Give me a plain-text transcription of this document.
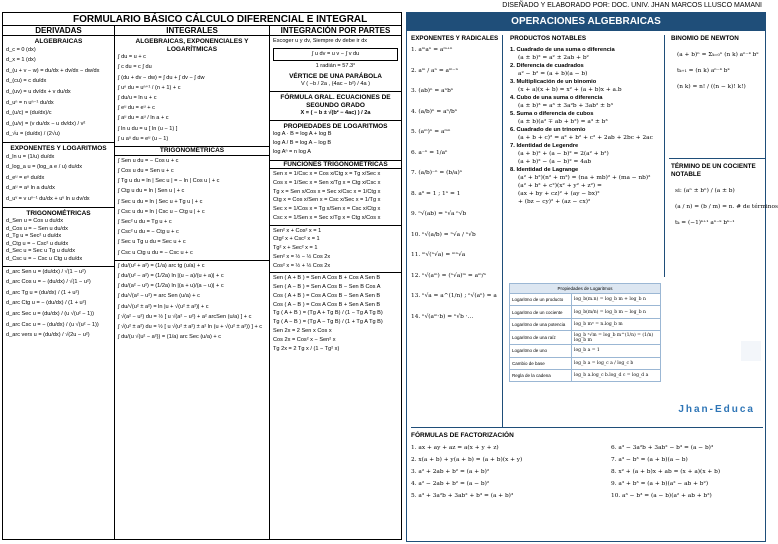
DISEÑADO Y ELABORADO POR: DOC. UNIV. JHAN MARCOS LLUSCO MAMANI
FORMULARIO BÁSICO CÁLCULO DIFERENCIAL E INTEGRAL
DERIVADAS
ALGEBRAICAS
d_c = 0 (dx)
d_x = 1 (dx)
d_(u + v − w) = du/dx + dv/dx − dw/dx
d_(cu) = c du/dx
d_(uv) = u dv/dx + v du/dx
d_uⁿ = n uⁿ⁻¹ du/dx
d_(u/c) = (du/dx)/c
d_(u/v) = (v du/dx − u dv/dx) / v²
d_√u = (du/dx) / (2√u)
EXPONENTES Y LOGARITMOS
d_ln u = (1/u) du/dx
d_log_a u = (log_a e / u) du/dx
d_eᵘ = eᵘ du/dx
d_aᵘ = aᵘ ln a du/dx
d_uᵛ = v uᵛ⁻¹ du/dx + uᵛ ln u dv/dx
TRIGONOMÉTRICAS
d_Sen u = Cos u du/dx
d_Cos u = − Sen u du/dx
d_Tg u = Sec² u du/dx
d_Ctg u = − Csc² u du/dx
d_Sec u = Sec u Tg u du/dx
d_Csc u = − Csc u Ctg u du/dx
d_arc Sen u = (du/dx) / √(1 − u²)
d_arc Cos u = − (du/dx) / √(1 − u²)
d_arc Tg u = (du/dx) / (1 + u²)
d_arc Ctg u = − (du/dx) / (1 + u²)
d_arc Sec u = (du/dx) / (u √(u² − 1))
d_arc Csc u = − (du/dx) / (u √(u² − 1))
d_arc vers u = (du/dx) / √(2u − u²)
INTEGRALES
ALGEBRAICAS, EXPONENCIALES Y LOGARÍTMICAS
∫ du = u + c
∫ c du = c ∫ du
∫ (du + dv − dw) = ∫ du + ∫ dv − ∫ dw
∫ uⁿ du = uⁿ⁺¹ / (n + 1) + c
∫ du/u = ln u + c
∫ eᵘ du = eᵘ + c
∫ aᵘ du = aᵘ / ln a + c
∫ ln u du = u [ ln (u − 1) ]
∫ u aᵘ du = eᵘ (u − 1)
TRIGONOMÉTRICAS
∫ Sen u du = − Cos u + c
∫ Cos u du = Sen u + c
∫ Tg u du = ln | Sec u | = − ln | Cos u | + c
∫ Ctg u du = ln | Sen u | + c
∫ Sec u du = ln | Sec u + Tg u | + c
∫ Csc u du = ln | Csc u − Ctg u | + c
∫ Sec² u du = Tg u + c
∫ Csc² u du = − Ctg u + c
∫ Sec u Tg u du = Sec u + c
∫ Csc u Ctg u du = − Csc u + c
∫ du/(u² + a²) = (1/a) arc tg (u/a) + c
∫ du/(u² − a²) = (1/2a) ln |(u − a)/(u + a)| + c
∫ du/(a² − u²) = (1/2a) ln |(a + u)/(a − u)| + c
∫ du/√(a² − u²) = arc Sen (u/a) + c
∫ du/√(u² ± a²) = ln |u + √(u² ± a²)| + c
∫ √(a² − u²) du = ½ [ u √(a² − u²) + a² arcSen (u/a) ] + c
∫ √(u² ± a²) du = ½ [ u √(u² ± a²) ± a² ln (u + √(u² ± a²)) ] + c
∫ du/(u √(u² − a²)) = (1/a) arc Sec (u/a) + c
INTEGRACIÓN POR PARTES
Escoger u y dv, Siempre dv debe ir dx
∫ u dv = u v − ∫ v du
1 radián = 57.3°
VÉRTICE DE UNA PARÁBOLA
V ( −b / 2a , (4ac − b²) / 4a )
FÓRMULA GRAL. ECUACIONES DE SEGUNDO GRADO
X = ( − b ± √(b² − 4ac) ) / 2a
PROPIEDADES DE LOGARITMOS
log A · B = log A + log B
log A / B = log A − log B
log Aⁿ = n log A
FUNCIONES TRIGONOMÉTRICAS
Sen x = 1/Csc x = Cos x/Ctg x = Tg x/Sec x
Cos x = 1/Sec x = Sen x/Tg x = Ctg x/Csc x
Tg x = Sen x/Cos x = Sec x/Csc x = 1/Ctg x
Ctg x = Cos x/Sen x = Csc x/Sec x = 1/Tg x
Sec x = 1/Cos x = Tg x/Sen x = Csc x/Ctg x
Csc x = 1/Sen x = Sec x/Tg x = Ctg x/Cos x
Sen² x + Cos² x = 1
Ctg² x + Csc² x = 1
Tg² x + Sec² x = 1
Sen² x = ½ − ½ Cos 2x
Cos² x = ½ + ½ Cos 2x
Sen ( A + B ) = Sen A Cos B + Cos A Sen B
Sen ( A − B ) = Sen A Cos B − Sen B Cos A
Cos ( A + B ) = Cos A Cos B − Sen A Sen B
Cos ( A − B ) = Cos A Cos B + Sen A Sen B
Tg ( A + B ) = (Tg A + Tg B) / (1 − Tg A Tg B)
Tg ( A − B ) = (Tg A − Tg B) / (1 + Tg A Tg B)
Sen 2x = 2 Sen x Cos x
Cos 2x = Cos² x − Sen² x
Tg 2x = 2 Tg x / (1 − Tg² x)
OPERACIONES ALGEBRAICAS
EXPONENTES Y RADICALES
1. aᵐaⁿ = aᵐ⁺ⁿ
2. aᵐ / aⁿ = aᵐ⁻ⁿ
3. (ab)ⁿ = aⁿbⁿ
4. (a/b)ⁿ = aⁿ/bⁿ
5. (aᵐ)ⁿ = aᵐⁿ
6. a⁻ⁿ = 1/aⁿ
7. (a/b)⁻ⁿ = (b/a)ⁿ
8. a⁰ = 1 ; 1ⁿ = 1
9. ⁿ√(ab) = ⁿ√a ⁿ√b
10. ⁿ√(a/b) = ⁿ√a / ⁿ√b
11. ᵐ√(ⁿ√a) = ᵐⁿ√a
12. ⁿ√(aᵐ) = (ⁿ√a)ᵐ = aᵐ/ⁿ
13. ⁿ√a = a^(1/n) ; ⁿ√(aⁿ) = a
14. ⁿ√(aᵐ·b) = ⁿ√b ·…
PRODUCTOS NOTABLES
1. Cuadrado de una suma o diferencia
(a ± b)² = a² ± 2ab + b²
2. Diferencia de cuadrados
a² − b² = (a + b)(a − b)
3. Multiplicación de un binomio
(x + a)(x + b) = x² + (a + b)x + a.b
4. Cubo de una suma o diferencia
(a ± b)³ = a³ ± 3a²b + 3ab² ± b³
5. Suma o diferencia de cubos
(a ± b)(a² ∓ ab + b²) = a³ ± b³
6. Cuadrado de un trinomio
(a + b + c)² = a² + b² + c² + 2ab + 2bc + 2ac
7. Identidad de Legendre
(a + b)² + (a − b)² = 2(a² + b²)
(a + b)² − (a − b)² = 4ab
8. Identidad de Lagrange
(a² + b²)(n² + m²) = (na + mb)² + (ma − nb)²
(a² + b² + c²)(x² + y² + z²) =
(ax + by + cz)² + (ay − bx)²
+ (bz − cy)² + (az − cx)²
BINOMIO DE NEWTON
(a + b)ⁿ = Σₖ₌₀ⁿ (n k) aⁿ⁻ᵏ bᵏ
tₖ₊₁ = (n k) aⁿ⁻ᵏ bᵏ
(n k) = n! / ((n − k)! k!)
TÉRMINO DE UN COCIENTE NOTABLE
si: (aⁿ ± bⁿ) / (a ± b)
(a / n) = (b / m) = n. # de términos
tₖ = (−1)ᵏ⁺¹ aⁿ⁻ᵏ bᵏ⁻¹
Propiedades de Logaritmos	
Logaritmo de un producto	log_b(m.n) = log_b m + log_b n
Logaritmo de un cociente	log_b(m/n) = log_b m − log_b n
Logaritmo de una potencia	log_b mⁿ = n.log_b m
Logaritmo de una raíz	log_b ⁿ√m = log_b m^(1/n) = (1/n) log_b m
Logaritmo de uno	log_b a = 1
Cambio de base	log_b a = log_c a / log_c b
Regla de la cadena	log_b a.log_c b.log_d c = log_d a
Jhan-Educa
FÓRMULAS DE FACTORIZACIÓN
1. ax + ay + az = a(x + y + z)	6. a³ − 3a²b + 3ab² − b³ = (a − b)³
2. x(a + b) + y(a + b) = (a + b)(x + y)	7. a³ − b³ = (a + b)(a − b)
3. a² + 2ab + b² = (a + b)²	8. x² + (a + b)x + ab = (x + a)(x + b)
4. a² − 2ab + b² = (a − b)²	9. a³ + b³ = (a + b)(a² − ab + b²)
5. a³ + 3a²b + 3ab² + b³ = (a + b)³	10. a³ − b³ = (a − b)(a² + ab + b²)
